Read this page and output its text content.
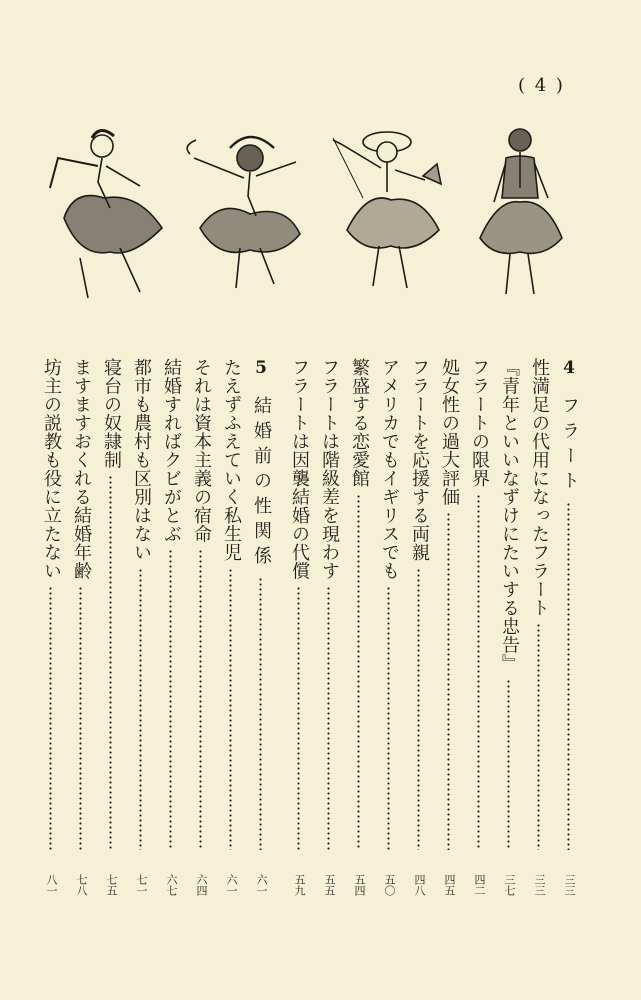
( 4 )
4
フラート
三三
性満足の代用になったフラート
三三
『青年といいなずけにたいする忠告』
三七
フラートの限界
四二
処女性の過大評価
四五
フラートを応援する両親
四八
アメリカでもイギリスでも
五〇
繁盛する恋愛館
五四
フラートは階級差を現わす
五五
フラートは因襲結婚の代償
五九
5
結婚前の性関係
六一
たえずふえていく私生児
六一
それは資本主義の宿命
六四
結婚すればクビがとぶ
六七
都市も農村も区別はない
七一
寝台の奴隷制
七五
ますますおくれる結婚年齢
七八
坊主の説教も役に立たない
八一
